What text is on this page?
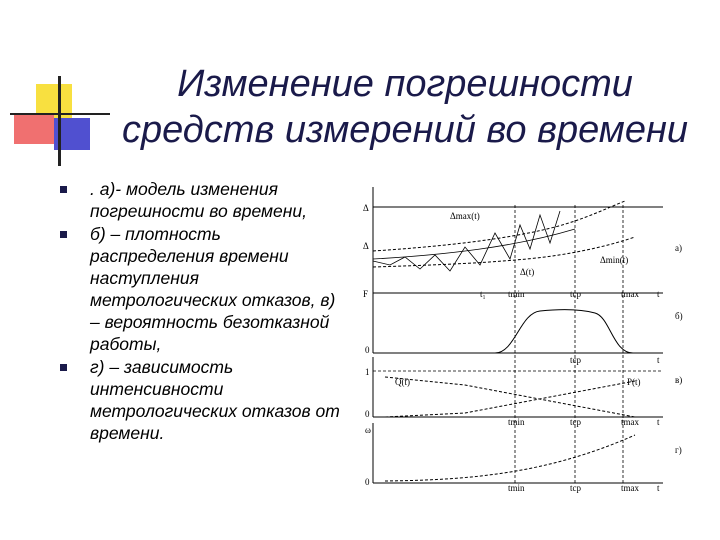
Изменение погрешности
средств измерений во времени
. а)- модель изменения погрешности во времени,
б) – плотность распределения времени наступления метрологических отказов, в) – вероятность безотказной работы,
г) – зависимость интенсивности метрологических отказов от времени.
Δ
Δ
Δmax(t)
Δmin(t)
Δ(t)
F	t₁ tmin	tср	tmax t
а)
б)
0
tср	t
1
Q(t)	P(t)	в)
0
tmin	tср	tmax t
ω
г)
0
tmin	tср	tmax t
